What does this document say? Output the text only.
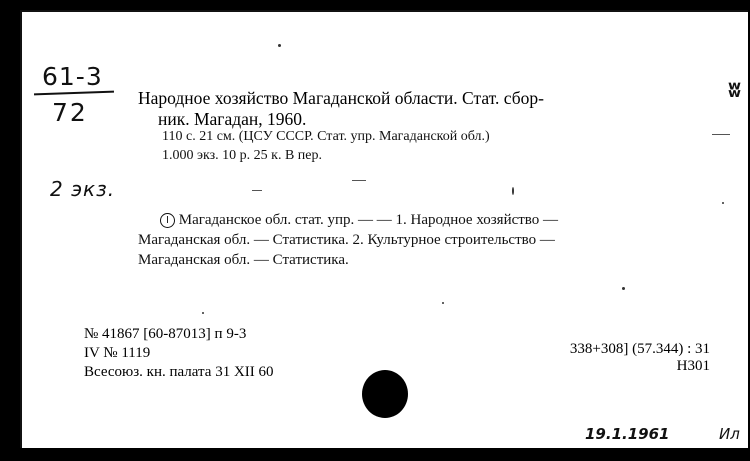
61-3
72
ʬ
Народное хозяйство Магаданской области. Стат. сбор-
ник. Магадан, 1960.
110 с. 21 см. (ЦСУ СССР. Стат. упр. Магаданской обл.)
1.000 экз. 10 р. 25 к. В пер.
2 экз.
I Магаданское обл. стат. упр. — — 1. Народное хозяйство —
Магаданская обл. — Статистика. 2. Культурное строительство —
Магаданская обл. — Статистика.
№ 41867 [60-87013] п 9-3
IV № 1119
Всесоюз. кн. палата 31 XII 60
338+308] (57.344) : 31
Н301
19.1.1961	Ил
